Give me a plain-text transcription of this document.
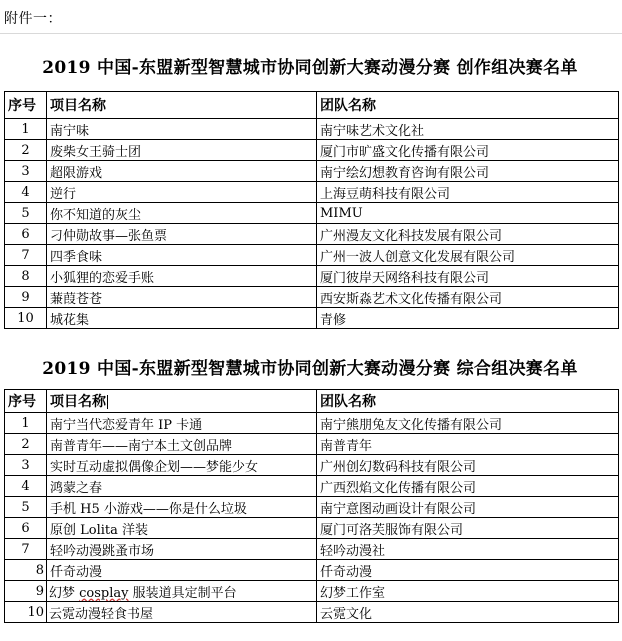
附件一：
2019 中国-东盟新型智慧城市协同创新大赛动漫分赛 创作组决赛名单
序号	项目名称	团队名称
1	南宁味	南宁味艺术文化社
2	废柴女王骑士团	厦门市旷盛文化传播有限公司
3	超限游戏	南宁绘幻想教育咨询有限公司
4	逆行	上海豆萌科技有限公司
5	你不知道的灰尘	MIMU
6	刁仲勋故事—张鱼票	广州漫友文化科技发展有限公司
7	四季食味	广州一波人创意文化发展有限公司
8	小狐狸的恋爱手账	厦门彼岸天网络科技有限公司
9	蒹葭苍苍	西安斯淼艺术文化传播有限公司
10	城花集	青修
2019 中国-东盟新型智慧城市协同创新大赛动漫分赛 综合组决赛名单
序号	项目名称	团队名称
1	南宁当代恋爱青年 IP 卡通	南宁熊朋兔友文化传播有限公司
2	南普青年——南宁本土文创品牌	南普青年
3	实时互动虚拟偶像企划——梦能少女	广州创幻数码科技有限公司
4	鸿蒙之春	广西烈焰文化传播有限公司
5	手机 H5 小游戏——你是什么垃圾	南宁意图动画设计有限公司
6	原创 Lolita 洋装	厦门可洛芙服饰有限公司
7	轻吟动漫跳蚤市场	轻吟动漫社
8	仟奇动漫	仟奇动漫
9	幻梦 cosplay 服装道具定制平台	幻梦工作室
10	云霓动漫轻食书屋	云霓文化
